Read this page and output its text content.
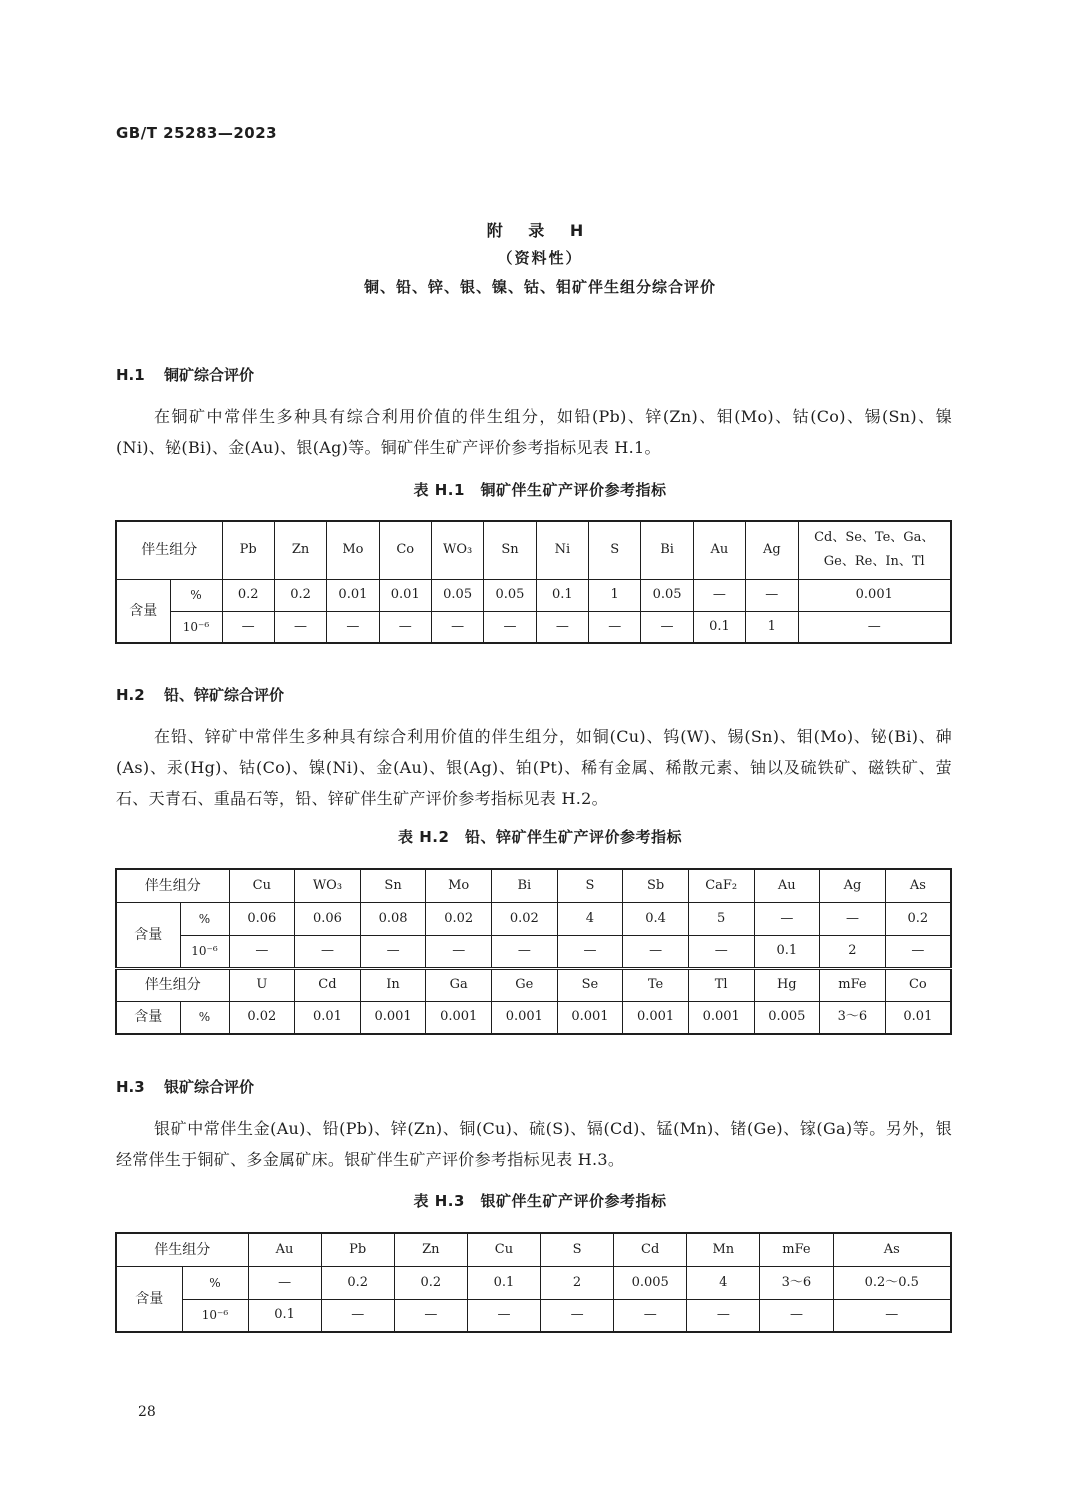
GB/T 25283—2023
附 录 H
（资料性）
铜、铅、锌、银、镍、钴、钼矿伴生组分综合评价
H.1 铜矿综合评价

在铜矿中常伴生多种具有综合利用价值的伴生组分，如铅(Pb)、锌(Zn)、钼(Mo)、钴(Co)、锡(Sn)、镍(Ni)、铋(Bi)、金(Au)、银(Ag)等。铜矿伴生矿产评价参考指标见表 H.1。

表 H.1　铜矿伴生矿产评价参考指标
伴生组分		Pb	Zn	Mo	Co	WO₃	Sn	Ni	S	Bi	Au	Ag	Cd、Se、Te、Ga、Ge、Re、In、Tl
含量	%	0.2	0.2	0.01	0.01	0.05	0.05	0.1	1	0.05	—	—	0.001
	10⁻⁶	—	—	—	—	—	—	—	—	—	0.1	1	—
H.2 铅、锌矿综合评价

在铅、锌矿中常伴生多种具有综合利用价值的伴生组分，如铜(Cu)、钨(W)、锡(Sn)、钼(Mo)、铋(Bi)、砷(As)、汞(Hg)、钴(Co)、镍(Ni)、金(Au)、银(Ag)、铂(Pt)、稀有金属、稀散元素、铀以及硫铁矿、磁铁矿、萤石、天青石、重晶石等，铅、锌矿伴生矿产评价参考指标见表 H.2。

表 H.2　铅、锌矿伴生矿产评价参考指标
伴生组分		Cu	WO₃	Sn	Mo	Bi	S	Sb	CaF₂	Au	Ag	As
含量	%	0.06	0.06	0.08	0.02	0.02	4	0.4	5	—	—	0.2
	10⁻⁶	—	—	—	—	—	—	—	—	0.1	2	—
伴生组分		U	Cd	In	Ga	Ge	Se	Te	Tl	Hg	mFe	Co
含量	%	0.02	0.01	0.001	0.001	0.001	0.001	0.001	0.001	0.005	3～6	0.01
H.3 银矿综合评价

银矿中常伴生金(Au)、铅(Pb)、锌(Zn)、铜(Cu)、硫(S)、镉(Cd)、锰(Mn)、锗(Ge)、镓(Ga)等。另外，银经常伴生于铜矿、多金属矿床。银矿伴生矿产评价参考指标见表 H.3。

表 H.3　银矿伴生矿产评价参考指标
伴生组分		Au	Pb	Zn	Cu	S	Cd	Mn	mFe	As
含量	%	—	0.2	0.2	0.1	2	0.005	4	3～6	0.2～0.5
	10⁻⁶	0.1	—	—	—	—	—	—	—	—
28
